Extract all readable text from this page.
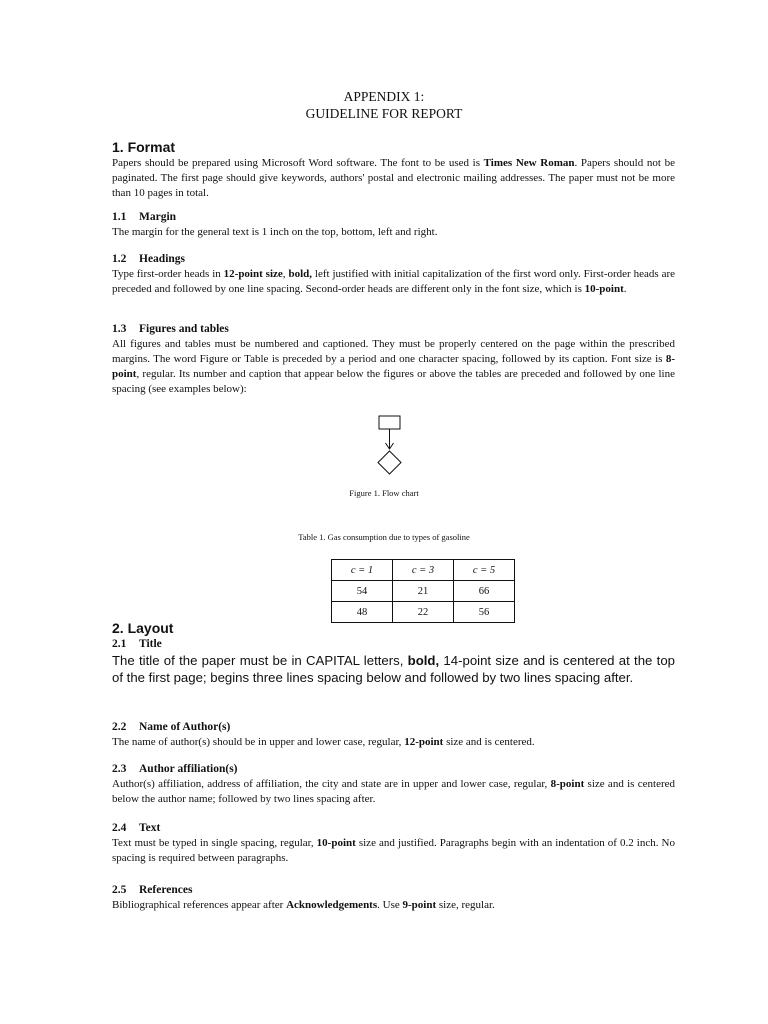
APPENDIX 1:
GUIDELINE FOR REPORT

1. Format

Papers should be prepared using Microsoft Word software. The font to be used is Times New Roman. Papers should not be paginated. The first page should give keywords, authors' postal and electronic mailing addresses. The paper must not be more than 10 pages in total.

1.1 Margin

The margin for the general text is 1 inch on the top, bottom, left and right.

1.2 Headings

Type first-order heads in 12-point size, bold, left justified with initial capitalization of the first word only. First-order heads are preceded and followed by one line spacing. Second-order heads are different only in the font size, which is 10-point.

1.3 Figures and tables

All figures and tables must be numbered and captioned. They must be properly centered on the page within the prescribed margins. The word Figure or Table is preceded by a period and one character spacing, followed by its caption. Font size is 8-point, regular. Its number and caption that appear below the figures or above the tables are preceded and followed by one line spacing (see examples below):

Figure 1. Flow chart
Table 1. Gas consumption due to types of gasoline
c = 1	c = 3	c = 5
54	21	66
48	22	56

2. Layout

2.1 Title

The title of the paper must be in CAPITAL letters, bold, 14-point size and is centered at the top of the first page; begins three lines spacing below and followed by two lines spacing after.

2.2 Name of Author(s)

The name of author(s) should be in upper and lower case, regular, 12-point size and is centered.

2.3 Author affiliation(s)

Author(s) affiliation, address of affiliation, the city and state are in upper and lower case, regular, 8-point size and is centered below the author name; followed by two lines spacing after.

2.4 Text

Text must be typed in single spacing, regular, 10-point size and justified. Paragraphs begin with an indentation of 0.2 inch. No spacing is required between paragraphs.

2.5 References

Bibliographical references appear after Acknowledgements. Use 9-point size, regular.
